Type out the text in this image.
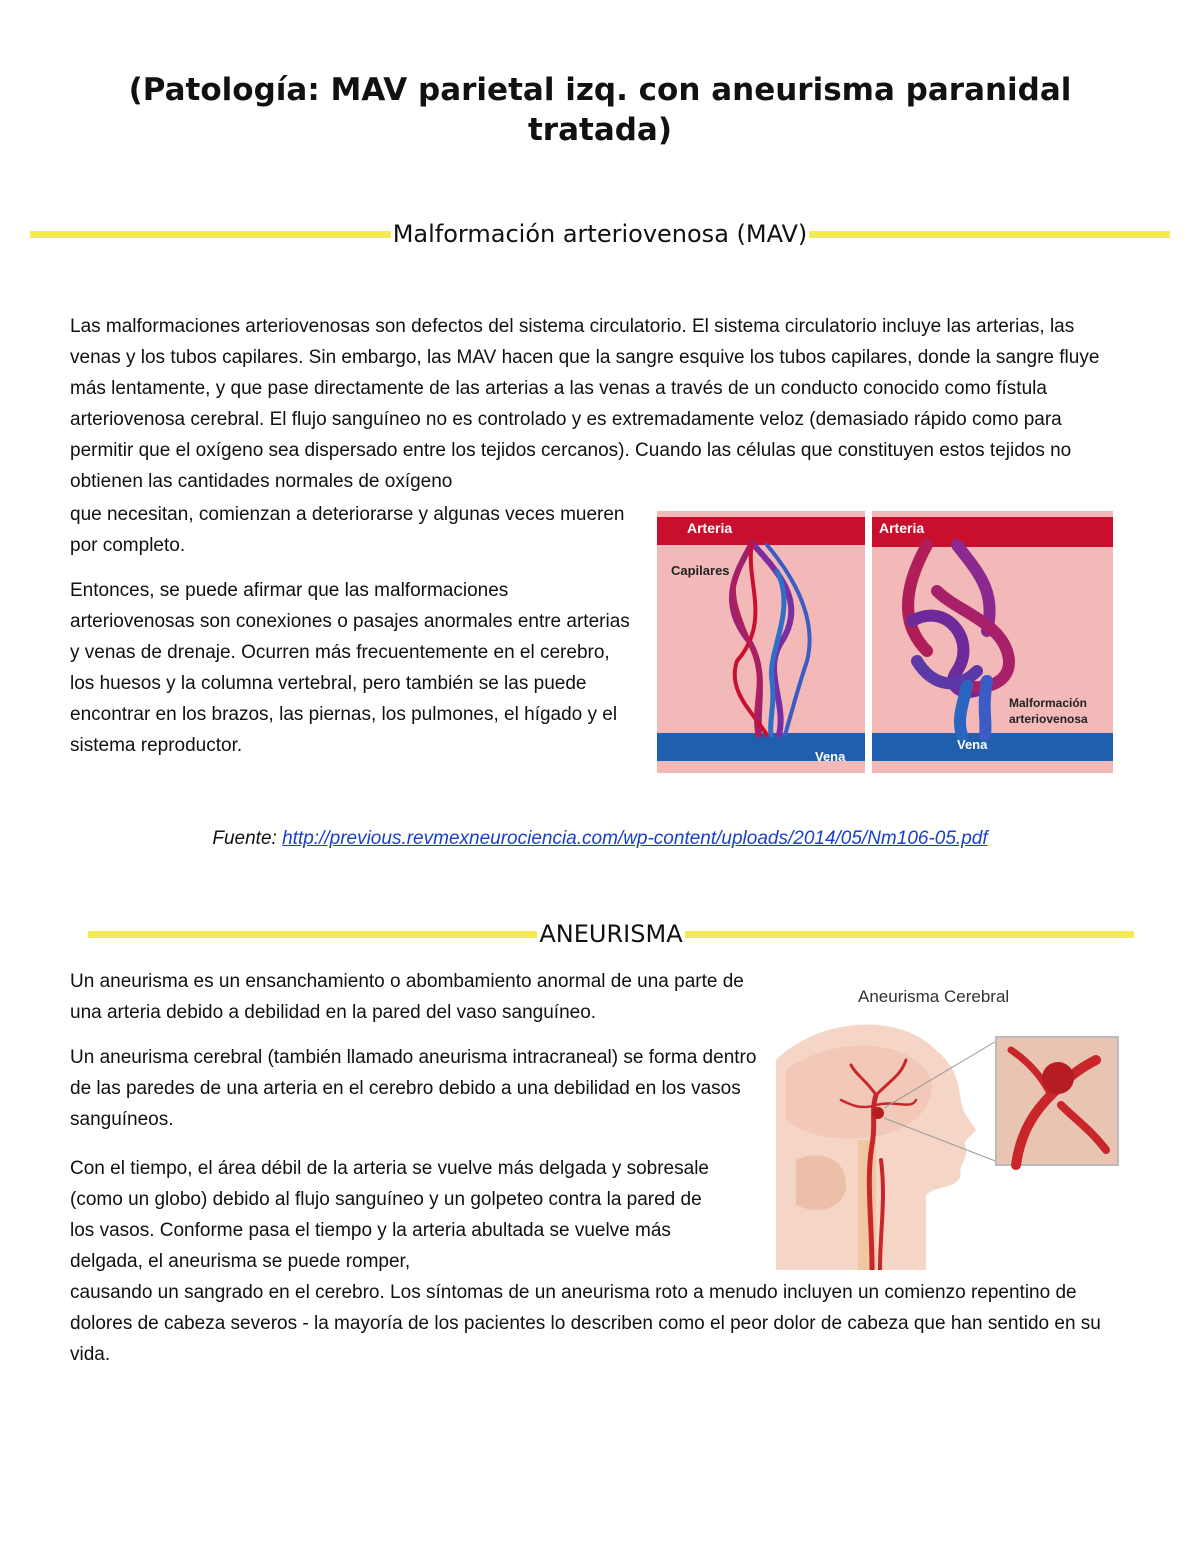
(Patología: MAV parietal izq. con aneurisma paranidal tratada)
Malformación arteriovenosa (MAV)

Las malformaciones arteriovenosas son defectos del sistema circulatorio. El sistema circulatorio incluye las arterias, las venas y los tubos capilares. Sin embargo, las MAV hacen que la sangre esquive los tubos capilares, donde la sangre fluye más lentamente, y que pase directamente de las arterias a las venas a través de un conducto conocido como fístula arteriovenosa cerebral. El flujo sanguíneo no es controlado y es extremadamente veloz (demasiado rápido como para permitir que el oxígeno sea dispersado entre los tejidos cercanos). Cuando las células que constituyen estos tejidos no obtienen las cantidades normales de oxígeno

que necesitan, comienzan a deteriorarse y algunas veces mueren por completo.

Entonces, se puede afirmar que las malformaciones arteriovenosas son conexiones o pasajes anormales entre arterias y venas de drenaje. Ocurren más frecuentemente en el cerebro, los huesos y la columna vertebral, pero también se las puede encontrar en los brazos, las piernas, los pulmones, el hígado y el sistema reproductor.

Arteria
Capilares
Vena
Arteria
Malformación
arteriovenosa
Vena
Fuente: http://previous.revmexneurociencia.com/wp-content/uploads/2014/05/Nm106-05.pdf
ANEURISMA

Un aneurisma es un ensanchamiento o abombamiento anormal de una parte de una arteria debido a debilidad en la pared del vaso sanguíneo.

Un aneurisma cerebral (también llamado aneurisma intracraneal) se forma dentro de las paredes de una arteria en el cerebro debido a una debilidad en los vasos sanguíneos.

Con el tiempo, el área débil de la arteria se vuelve más delgada y sobresale (como un globo) debido al flujo sanguíneo y un golpeteo contra la pared de los vasos. Conforme pasa el tiempo y la arteria abultada se vuelve más delgada, el aneurisma se puede romper,

causando un sangrado en el cerebro. Los síntomas de un aneurisma roto a menudo incluyen un comienzo repentino de dolores de cabeza severos - la mayoría de los pacientes lo describen como el peor dolor de cabeza que han sentido en su vida.

Aneurisma Cerebral
